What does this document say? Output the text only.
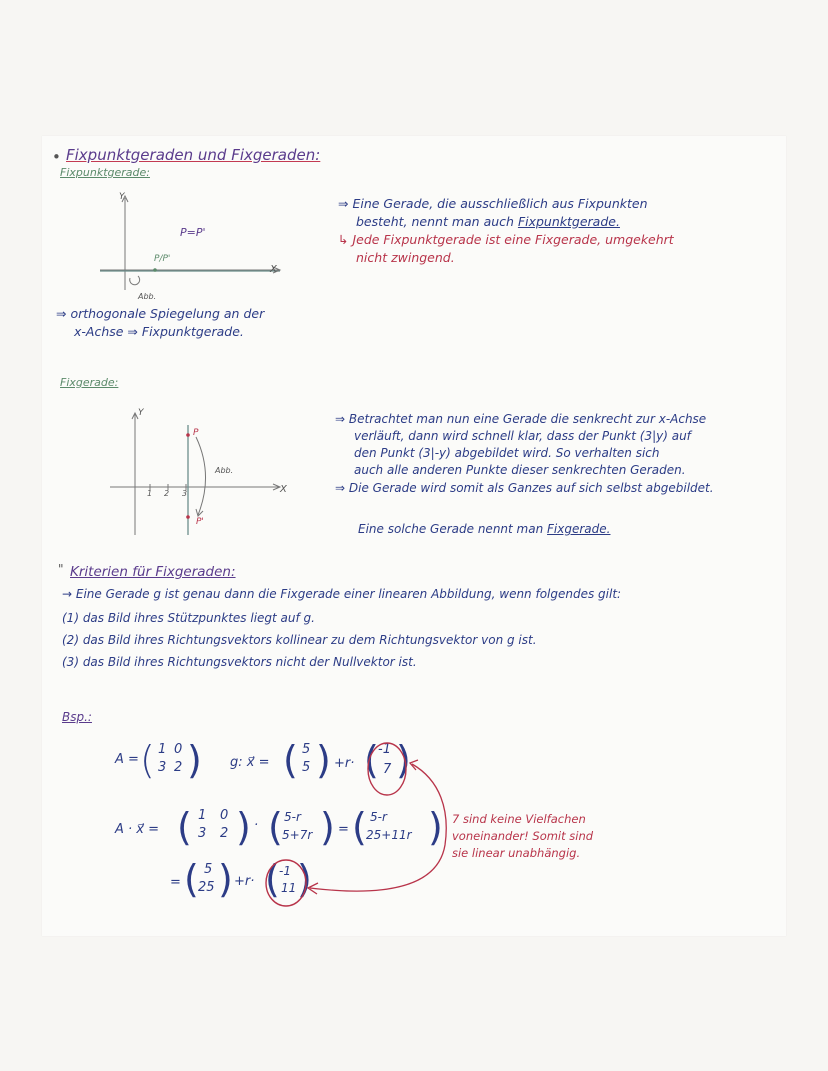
• Fixpunktgeraden und Fixgeraden:
Fixpunktgerade:
Y
X
P=P'
P/P'
Abb.
⇒ orthogonale Spiegelung an der
x-Achse ⇒ Fixpunktgerade.
⇒ Eine Gerade, die ausschließlich aus Fixpunkten
besteht, nennt man auch Fixpunktgerade.
↳ Jede Fixpunktgerade ist eine Fixgerade, umgekehrt
nicht zwingend.
Fixgerade:
Y
X
P
P'
Abb.
1 2 3
⇒ Betrachtet man nun eine Gerade die senkrecht zur x-Achse
verläuft, dann wird schnell klar, dass der Punkt (3|y) auf
den Punkt (3|-y) abgebildet wird. So verhalten sich
auch alle anderen Punkte dieser senkrechten Geraden.
⇒ Die Gerade wird somit als Ganzes auf sich selbst abgebildet.
Eine solche Gerade nennt man Fixgerade.
" Kriterien für Fixgeraden:
→ Eine Gerade g ist genau dann die Fixgerade einer linearen Abbildung, wenn folgendes gilt:
(1) das Bild ihres Stützpunktes liegt auf g.
(2) das Bild ihres Richtungsvektors kollinear zu dem Richtungsvektor von g ist.
(3) das Bild ihres Richtungsvektors nicht der Nullvektor ist.
Bsp.:
A = ( 1 0
3 2 ) g: x⃗ = ( 5
5 ) +r· ( -1
7 )
A · x⃗ = ( 1 0
3 2 ) · ( 5-r
5+7r ) = ( 5-r
25+11r )
= ( 5
25 ) +r· ( -1
11 )
7 sind keine Vielfachen
voneinander! Somit sind
sie linear unabhängig.
